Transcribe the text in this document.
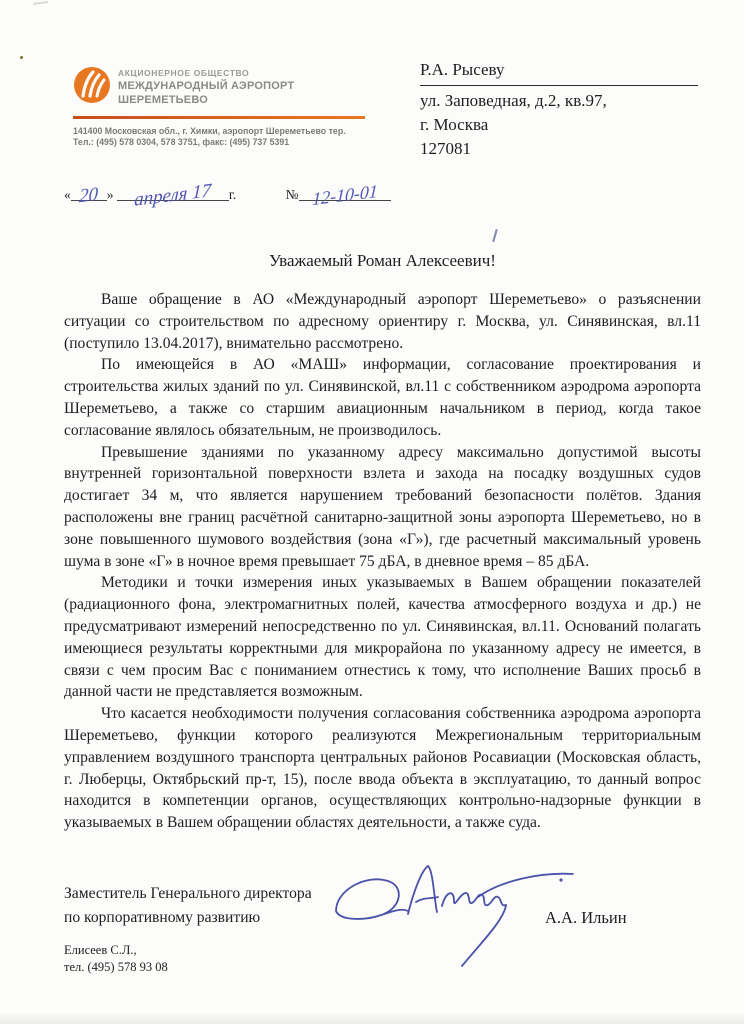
АКЦИОНЕРНОЕ ОБЩЕСТВО
МЕЖДУНАРОДНЫЙ АЭРОПОРТ ШЕРЕМЕТЬЕВО
141400 Московская обл., г. Химки, аэропорт Шереметьево тер.
Тел.: (495) 578 0304, 578 3751, факс: (495) 737 5391
Р.А. Рысеву
ул. Заповедная, д.2, кв.97,
г. Москва
127081
« 20 » апреля 17 г.	№ 12-10-01
Уважаемый Роман Алексеевич!

Ваше обращение в АО «Международный аэропорт Шереметьево» о разъяснении ситуации со строительством по адресному ориентиру г. Москва, ул. Синявинская, вл.11 (поступило 13.04.2017), внимательно рассмотрено.

По имеющейся в АО «МАШ» информации, согласование проектирования и строительства жилых зданий по ул. Синявинской, вл.11 с собственником аэродрома аэропорта Шереметьево, а также со старшим авиационным начальником в период, когда такое согласование являлось обязательным, не производилось.

Превышение зданиями по указанному адресу максимально допустимой высоты внутренней горизонтальной поверхности взлета и захода на посадку воздушных судов достигает 34 м, что является нарушением требований безопасности полётов. Здания расположены вне границ расчётной санитарно-защитной зоны аэропорта Шереметьево, но в зоне повышенного шумового воздействия (зона «Г»), где расчетный максимальный уровень шума в зоне «Г» в ночное время превышает 75 дБА, в дневное время – 85 дБА.

Методики и точки измерения иных указываемых в Вашем обращении показателей (радиационного фона, электромагнитных полей, качества атмосферного воздуха и др.) не предусматривают измерений непосредственно по ул. Синявинская, вл.11. Оснований полагать имеющиеся результаты корректными для микрорайона по указанному адресу не имеется, в связи с чем просим Вас с пониманием отнестись к тому, что исполнение Ваших просьб в данной части не представляется возможным.

Что касается необходимости получения согласования собственника аэродрома аэропорта Шереметьево, функции которого реализуются Межрегиональным территориальным управлением воздушного транспорта центральных районов Росавиации (Московская область, г. Люберцы, Октябрьский пр-т, 15), после ввода объекта в эксплуатацию, то данный вопрос находится в компетенции органов, осуществляющих контрольно-надзорные функции в указываемых в Вашем обращении областях деятельности, а также суда.

Заместитель Генерального директора
по корпоративному развитию	А.А. Ильин
Елисеев С.Л.,
тел. (495) 578 93 08
